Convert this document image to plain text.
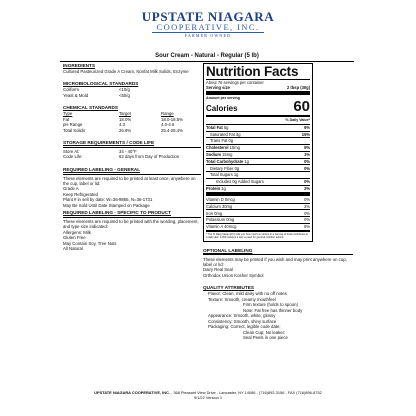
UPSTATE NIAGARA
COOPERATIVE, INC.
FARMER OWNED
Sour Cream - Natural - Regular (5 lb)
INGREDIENTS
Cultured Pasteurized Grade A Cream, Nonfat Milk Solids, Enzyme
MICROBIOLOGICAL STANDARDS
Coliform	<10/g
Yeast & Mold	<50/g
CHEMICAL STANDARDS
Type	Target	Range
Fat	18.0%	18.0-18.5%
pH Range	4.3	4.0-4.6
Total Solids	26.9%	25.4-28.4%
STORAGE REQUIREMENTS / CODE LIFE
Store At:	34 - 40°F
Code Life:	62 days from Day of Production
REQUIRED LABELING - GENERAL
These elements are required to be printed at least once, anywhere on the cup, label or lid:
Grade A
Keep Refrigerated
Plant # in sell by date: W=36-9865, N=36-1731
May Be Sold Until Date Stamped on Package
REQUIRED LABELING - SPECIFIC TO PRODUCT
These elements are required to be printed with the wording, placement, and type size indicated:
Allergens: Milk
Gluten Free
May Contain Soy, Tree Nuts
All Natural
Nutrition Facts
About 76 servings per container
Serving size	2 tbsp (30g)
Amount per serving
Calories	60
% Daily Value*
Total Fat 5g	6%
Saturated Fat 3g	15%
Trans Fat 0g
Cholesterol 15mg	5%
Sodium 15mg	1%
Total Carbohydrate 1g	0%
Dietary Fiber 0g	0%
Total Sugars 1g
Includes 0g Added Sugars	0%
Protein 1g	2%
Vitamin D 0mcg	0%
Calcium 30mg	2%
Iron 0mg	0%
Potassium 0mg	0%
Vitamin A 40mcg	6%
* The % Daily Value (DV) tells you how much a nutrient in a serving of food contributes to a daily diet. 2,000 calories a day is used for general nutrition advice.
OPTIONAL LABELING
These elements may be printed if you wish and may print anywhere on cup, label or lid:
Dairy Real Seal
Orthodox Union Kosher Symbol
QUALITY ATTRIBUTES
Flavor: Clean, mild dairy with no off notes
Texture: Smooth, creamy mouthfeel
Firm texture (holds to spoon)
Note: Fat free has thinner body
Appearance: Smooth, white, glossy
Consistency: Smooth, shiny surface
Packaging: Correct, legible code date;
Clean Cup; No leaker;
Seal Peels in one piece
UPSTATE NIAGARA COOPERATIVE, INC. - 368 Pleasant View Drive - Lancaster, NY 14086 - (716)892-3156 - FAX (716)896-8752
9/1/22 Version 1
